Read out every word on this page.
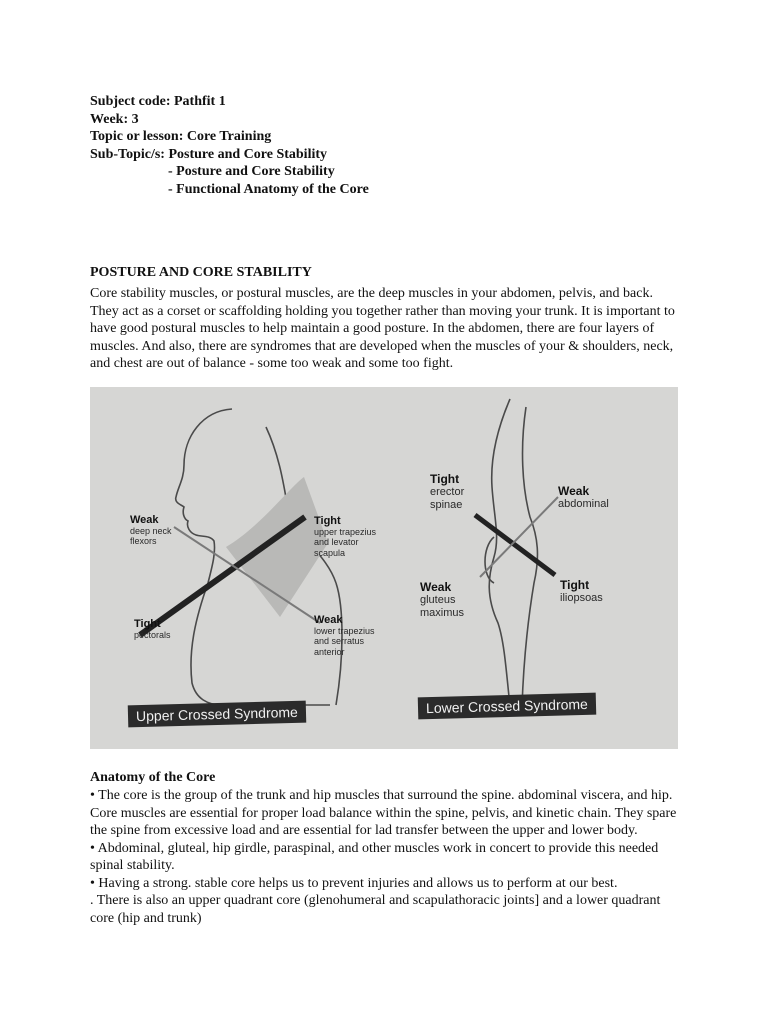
Subject code: Pathfit 1
Week: 3
Topic or lesson: Core Training
Sub-Topic/s: Posture and Core Stability
- Posture and Core Stability
- Functional Anatomy of the Core
POSTURE AND CORE STABILITY
Core stability muscles, or postural muscles, are the deep muscles in your abdomen, pelvis, and back. They act as a corset or scaffolding holding you together rather than moving your trunk. It is important to have good postural muscles to help maintain a good posture. In the abdomen, there are four layers of muscles. And also, there are syndromes that are developed when the muscles of your & shoulders, neck, and chest are out of balance - some too weak and some too fight.
Weak
deep neck flexors
Tight
upper trapezius and levator scapula
Tight
pectorals
Weak
lower trapezius and serratus anterior
Tight
erector spinae
Weak
abdominal
Weak
gluteus maximus
Tight
iliopsoas
Upper Crossed Syndrome	Lower Crossed Syndrome
Anatomy of the Core

• The core is the group of the trunk and hip muscles that surround the spine. abdominal viscera, and hip. Core muscles are essential for proper load balance within the spine, pelvis, and kinetic chain. They spare the spine from excessive load and are essential for lad transfer between the upper and lower body.

• Abdominal, gluteal, hip girdle, paraspinal, and other muscles work in concert to provide this needed spinal stability.

• Having a strong. stable core helps us to prevent injuries and allows us to perform at our best.

. There is also an upper quadrant core (glenohumeral and scapulathoracic joints] and a lower quadrant core (hip and trunk)
